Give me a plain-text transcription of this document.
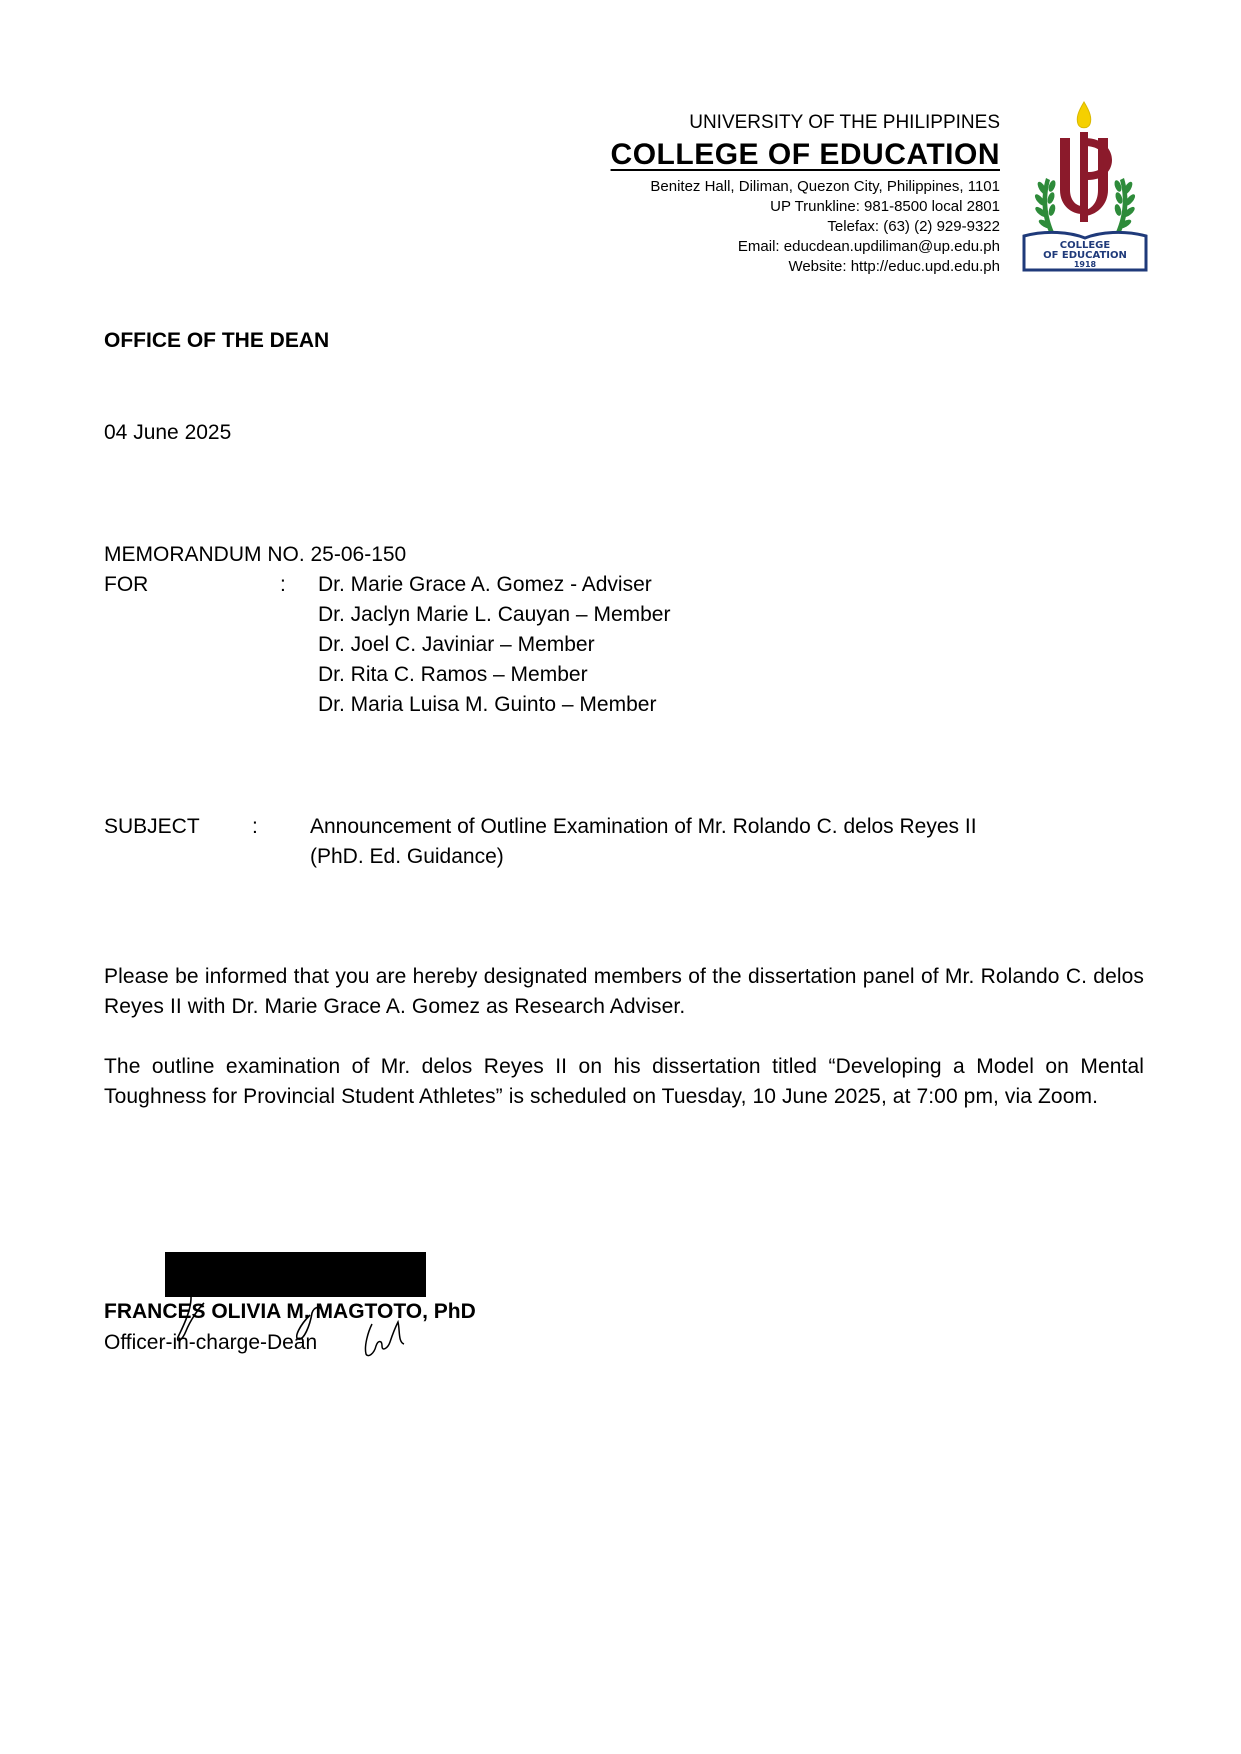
UNIVERSITY OF THE PHILIPPINES
COLLEGE OF EDUCATION
Benitez Hall, Diliman, Quezon City, Philippines, 1101
UP Trunkline: 981-8500 local 2801
Telefax: (63) (2) 929-9322
Email: educdean.updiliman@up.edu.ph
Website: http://educ.upd.edu.ph
COLLEGE
OF EDUCATION
1918
OFFICE OF THE DEAN
04 June 2025
MEMORANDUM NO. 25-06-150
FOR	: Dr. Marie Grace A. Gomez - Adviser
Dr. Jaclyn Marie L. Cauyan – Member
Dr. Joel C. Javiniar – Member
Dr. Rita C. Ramos – Member
Dr. Maria Luisa M. Guinto – Member
SUBJECT : Announcement of Outline Examination of Mr. Rolando C. delos Reyes II
(PhD. Ed. Guidance)
Please be informed that you are hereby designated members of the dissertation panel of Mr. Rolando C. delos Reyes II with Dr. Marie Grace A. Gomez as Research Adviser.
The outline examination of Mr. delos Reyes II on his dissertation titled “Developing a Model on Mental Toughness for Provincial Student Athletes” is scheduled on Tuesday, 10 June 2025, at 7:00 pm, via Zoom.
FRANCES OLIVIA M. MAGTOTO, PhD
Officer-in-charge-Dean
